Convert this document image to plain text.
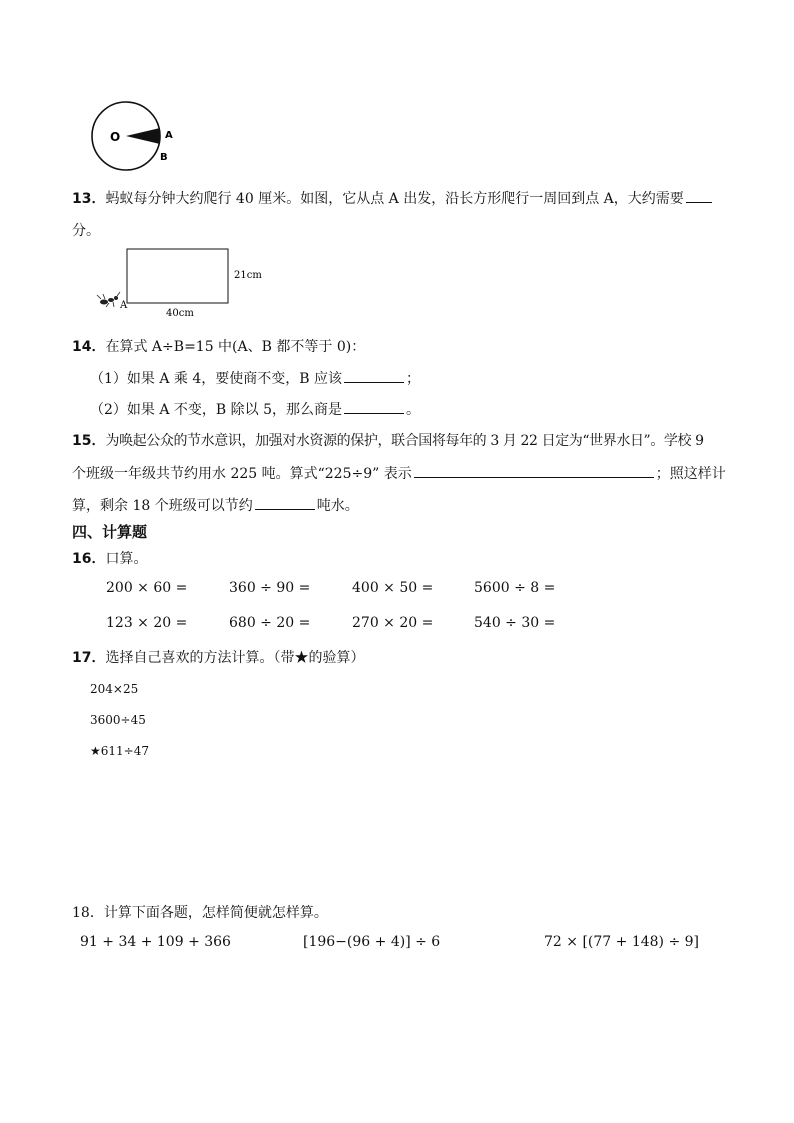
O	A
B
13．蚂蚁每分钟大约爬行 40 厘米。如图，它从点 A 出发，沿长方形爬行一周回到点 A，大约需要
分。
21cm
40cm
A
14．在算式 A÷B=15 中(A、B 都不等于 0)：
（1）如果 A 乘 4，要使商不变，B 应该	；
（2）如果 A 不变，B 除以 5，那么商是	。
15．为唤起公众的节水意识，加强对水资源的保护，联合国将每年的 3 月 22 日定为“世界水日”。学校 9
个班级一年级共节约用水 225 吨。算式“225÷9” 表示	；照这样计
算，剩余 18 个班级可以节约	吨水。
四、计算题
16．口算。
200 × 60 =	360 ÷ 90 =	400 × 50 =	5600 ÷ 8 =
123 × 20 =	680 ÷ 20 =	270 × 20 =	540 ÷ 30 =
17．选择自己喜欢的方法计算。（带★的验算）
204×25
3600÷45
★611÷47
18．计算下面各题，怎样简便就怎样算。
91 + 34 + 109 + 366	[196−(96 + 4)] ÷ 6	72 × [(77 + 148) ÷ 9]
